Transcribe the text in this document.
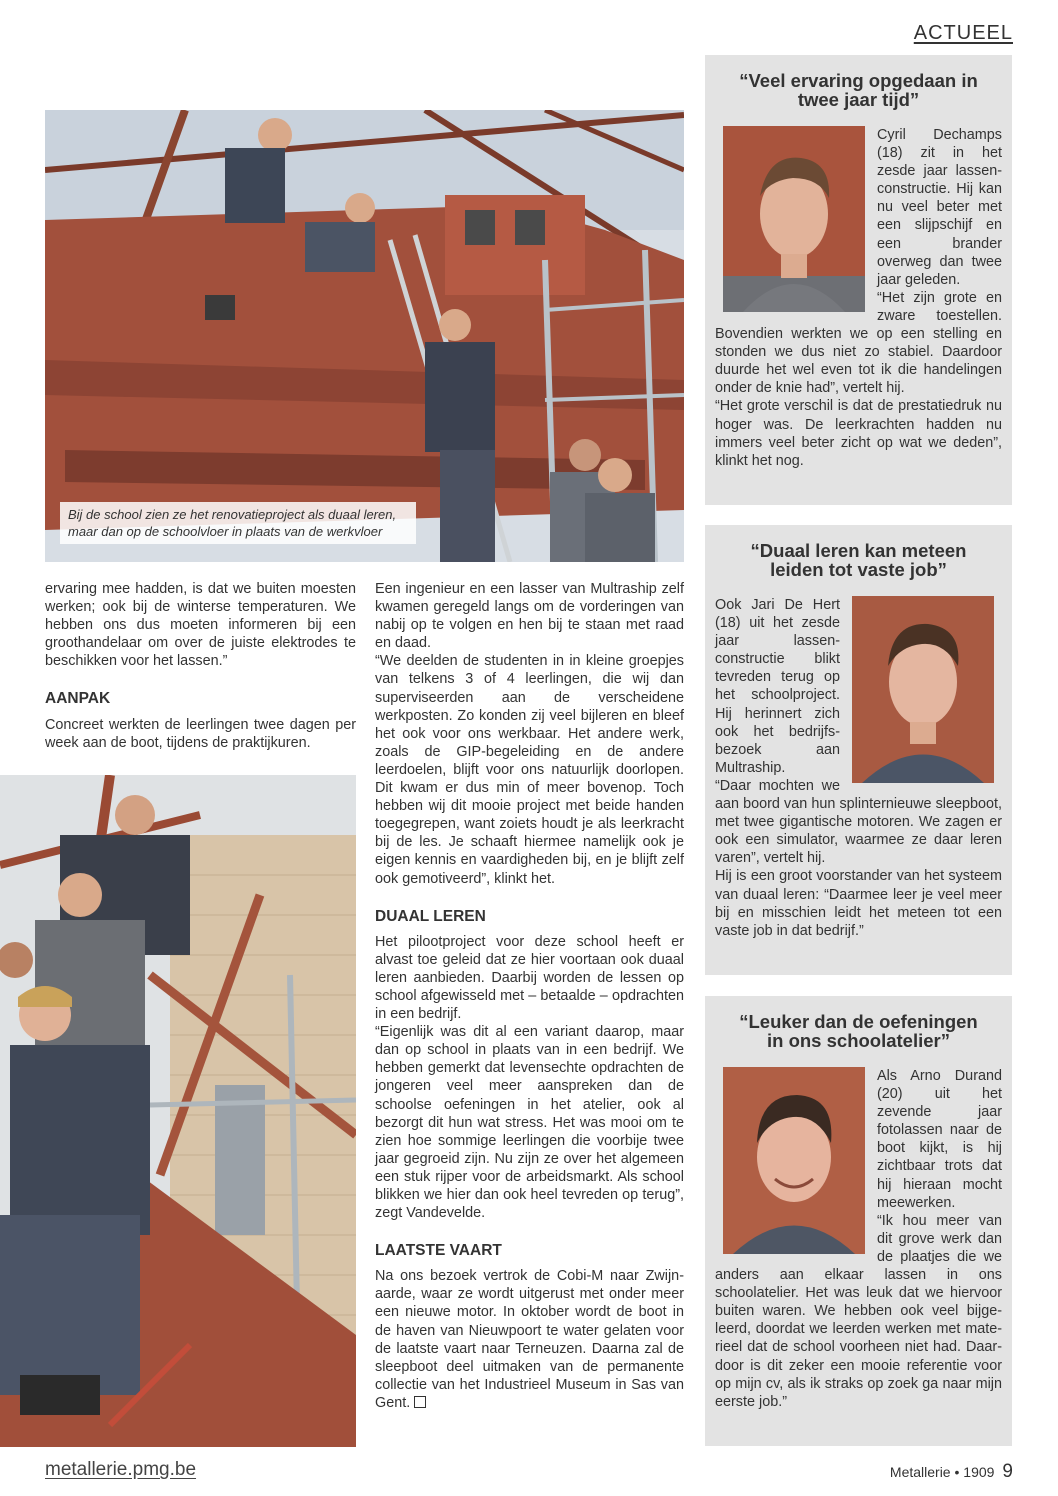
ACTUEEL
Bij de school zien ze het renovatieproject als duaal leren, maar dan op de schoolvloer in plaats van de werkvloer

ervaring mee hadden, is dat we buiten moesten werken; ook bij de winterse temperaturen. We hebben ons dus moeten informeren bij een groothandelaar om over de juiste elektrodes te beschikken voor het lassen.”

AANPAK

Concreet werkten de leerlingen twee dagen per week aan de boot, tijdens de praktijkuren.

Een ingenieur en een lasser van Multraship zelf kwamen geregeld langs om de vorderingen van nabij op te volgen en hen bij te staan met raad en daad.

“We deelden de studenten in in kleine groepjes van telkens 3 of 4 leerlingen, die wij dan superviseerden aan de verscheidene werkposten. Zo konden zij veel bijleren en bleef het ook voor ons werkbaar. Het andere werk, zoals de GIP-begeleiding en de andere leerdoelen, blijft voor ons natuurlijk doorlopen. Dit kwam er dus min of meer bovenop. Toch hebben wij dit mooie project met beide handen toegegrepen, want zoiets houdt je als leerkracht bij de les. Je schaaft hiermee namelijk ook je eigen kennis en vaardigheden bij, en je blijft zelf ook gemotiveerd”, klinkt het.

DUAAL LEREN

Het pilootproject voor deze school heeft er alvast toe geleid dat ze hier voortaan ook duaal leren aanbieden. Daarbij worden de lessen op school afgewisseld met – betaalde – opdrachten in een bedrijf.

“Eigenlijk was dit al een variant daarop, maar dan op school in plaats van in een bedrijf. We hebben gemerkt dat levensechte opdrachten de jongeren veel meer aanspreken dan de schoolse oefeningen in het atelier, ook al bezorgt dit hun wat stress. Het was mooi om te zien hoe sommige leerlingen die voorbije twee jaar gegroeid zijn. Nu zijn ze over het algemeen een stuk rijper voor de arbeidsmarkt. Als school blikken we hier dan ook heel tevreden op terug”, zegt Vandevelde.

LAATSTE VAART

Na ons bezoek vertrok de Cobi-M naar Zwijnaarde, waar ze wordt uitgerust met onder meer een nieuwe motor. In oktober wordt de boot in de haven van Nieuwpoort te water gelaten voor de laatste vaart naar Terneuzen. Daarna zal de sleepboot deel uitmaken van de permanente collectie van het Industrieel Museum in Sas van Gent.

“Veel ervaring opgedaan in twee jaar tijd”

Cyril Dechamps (18) zit in het zesde jaar lassen-constructie. Hij kan nu veel beter met een slijpschijf en een brander overweg dan twee jaar geleden.

“Het zijn grote en zware toestellen. Bovendien werkten we op een stelling en stonden we dus niet zo stabiel. Daardoor duurde het wel even tot ik die handelingen onder de knie had”, vertelt hij.

“Het grote verschil is dat de prestatiedruk nu hoger was. De leerkrachten hadden nu immers veel beter zicht op wat we deden”, klinkt het nog.

“Duaal leren kan meteen leiden tot vaste job”

Ook Jari De Hert (18) uit het zesde jaar lassenconstructie blikt tevreden terug op het schoolproject. Hij herinnert zich ook het bedrijfsbezoek aan Multraship.

“Daar mochten we aan boord van hun splinternieuwe sleepboot, met twee gigantische motoren. We zagen er ook een simulator, waarmee ze daar leren varen”, vertelt hij.

Hij is een groot voorstander van het systeem van duaal leren: “Daarmee leer je veel meer bij en misschien leidt het meteen tot een vaste job in dat bedrijf.”

“Leuker dan de oefeningen in ons schoolatelier”

Als Arno Durand (20) uit het zevende jaar fotolassen naar de boot kijkt, is hij zichtbaar trots dat hij hieraan mocht meewerken.

“Ik hou meer van dit grove werk dan de plaatjes die we anders aan elkaar lassen in ons schoolatelier. Het was leuk dat we hiervoor buiten waren. We hebben ook veel bijgeleerd, doordat we leerden werken met materieel dat de school voorheen niet had. Daardoor is dit zeker een mooie referentie voor op mijn cv, als ik straks op zoek ga naar mijn eerste job.”

metallerie.pmg.be	Metallerie • 1909 9
